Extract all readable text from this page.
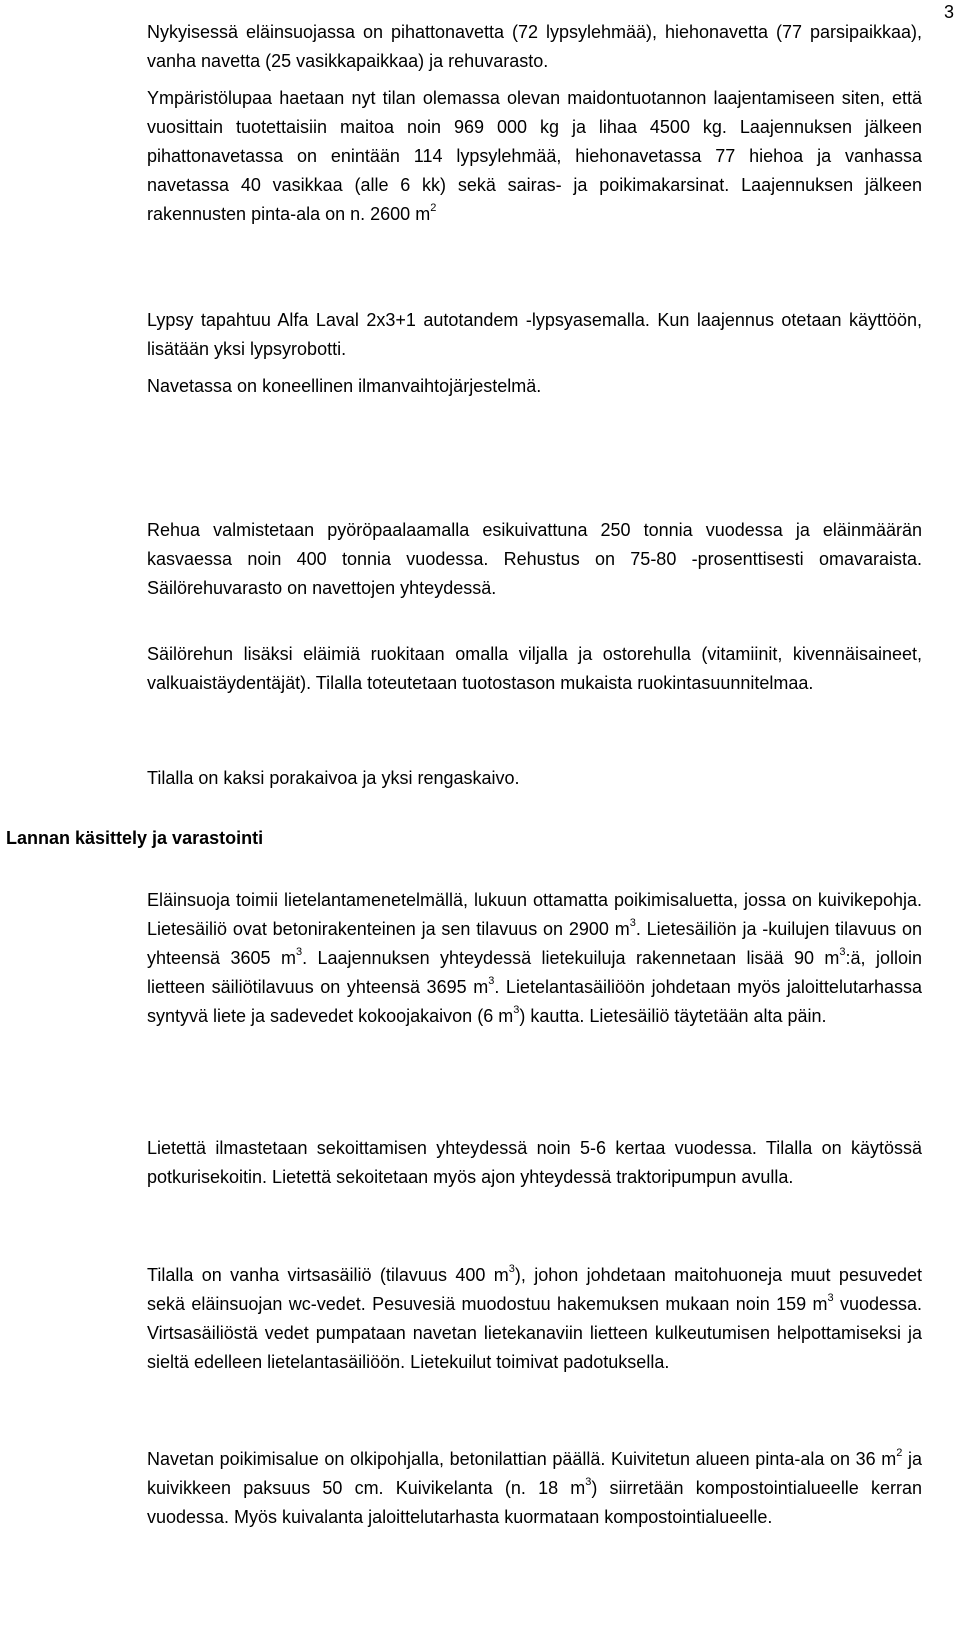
3

Nykyisessä eläinsuojassa on pihattonavetta (72 lypsylehmää), hiehonavetta (77 parsipaikkaa), vanha navetta (25 vasikkapaikkaa) ja rehuvarasto.

Ympäristölupaa haetaan nyt tilan olemassa olevan maidontuotannon laajentamiseen siten, että vuosittain tuotettaisiin maitoa noin 969 000 kg ja lihaa 4500 kg. Laajennuksen jälkeen pihattonavetassa on enintään 114 lypsylehmää, hiehonavetassa 77 hiehoa ja vanhassa navetassa 40 vasikkaa (alle 6 kk) sekä sairas- ja poikimakarsinat. Laajennuksen jälkeen rakennusten pinta-ala on n. 2600 $m^2$

Lypsy tapahtuu Alfa Laval 2x3+1 autotandem -lypsyasemalla. Kun laajennus otetaan käyttöön, lisätään yksi lypsyrobotti.

Navetassa on koneellinen ilmanvaihtojärjestelmä.

Rehua valmistetaan pyöröpaalaamalla esikuivattuna 250 tonnia vuodessa ja eläinmäärän kasvaessa noin 400 tonnia vuodessa. Rehustus on 75-80 -prosenttisesti omavaraista. Säilörehuvarasto on navettojen yhteydessä.

Säilörehun lisäksi eläimiä ruokitaan omalla viljalla ja ostorehulla (vitamiinit, kivennäisaineet, valkuaistäydentäjät). Tilalla toteutetaan tuotostason mukaista ruokintasuunnitelmaa.

Tilalla on kaksi porakaivoa ja yksi rengaskaivo.

Lannan käsittely ja varastointi

Eläinsuoja toimii lietelantamenetelmällä, lukuun ottamatta poikimisaluetta, jossa on kuivikepohja. Lietesäiliö ovat betonirakenteinen ja sen tilavuus on 2900 $m^3$. Lietesäiliön ja -kuilujen tilavuus on yhteensä 3605 $m^3$. Laajennuksen yhteydessä lietekuiluja rakennetaan lisää 90 $m^3:ä$, jolloin lietteen säiliötilavuus on yhteensä 3695 $m^3$. Lietelantasäiliöön johdetaan myös jaloittelutarhassa syntyvä liete ja sadevedet kokoojakaivon (6 $m^3$) kautta. Lietesäiliö täytetään alta päin.

Lietettä ilmastetaan sekoittamisen yhteydessä noin 5-6 kertaa vuodessa. Tilalla on käytössä potkurisekoitin. Lietettä sekoitetaan myös ajon yhteydessä traktoripumpun avulla.

Tilalla on vanha virtsasäiliö (tilavuus 400 $m^3$), johon johdetaan maitohuoneja muut pesuvedet sekä eläinsuojan wc-vedet. Pesuvesiä muodostuu hakemuksen mukaan noin 159 $m^3$ vuodessa. Virtsasäiliöstä vedet pumpataan navetan lietekanaviin lietteen kulkeutumisen helpottamiseksi ja sieltä edelleen lietelantasäiliöön. Lietekuilut toimivat padotuksella.

Navetan poikimisalue on olkipohjalla, betonilattian päällä. Kuivitetun alueen pinta-ala on 36 $m^2$ ja kuivikkeen paksuus 50 cm. Kuivikelanta (n. 18 $m^3$) siirretään kompostointialueelle kerran vuodessa. Myös kuivalanta jaloittelutarhasta kuormataan kompostointialueelle.
